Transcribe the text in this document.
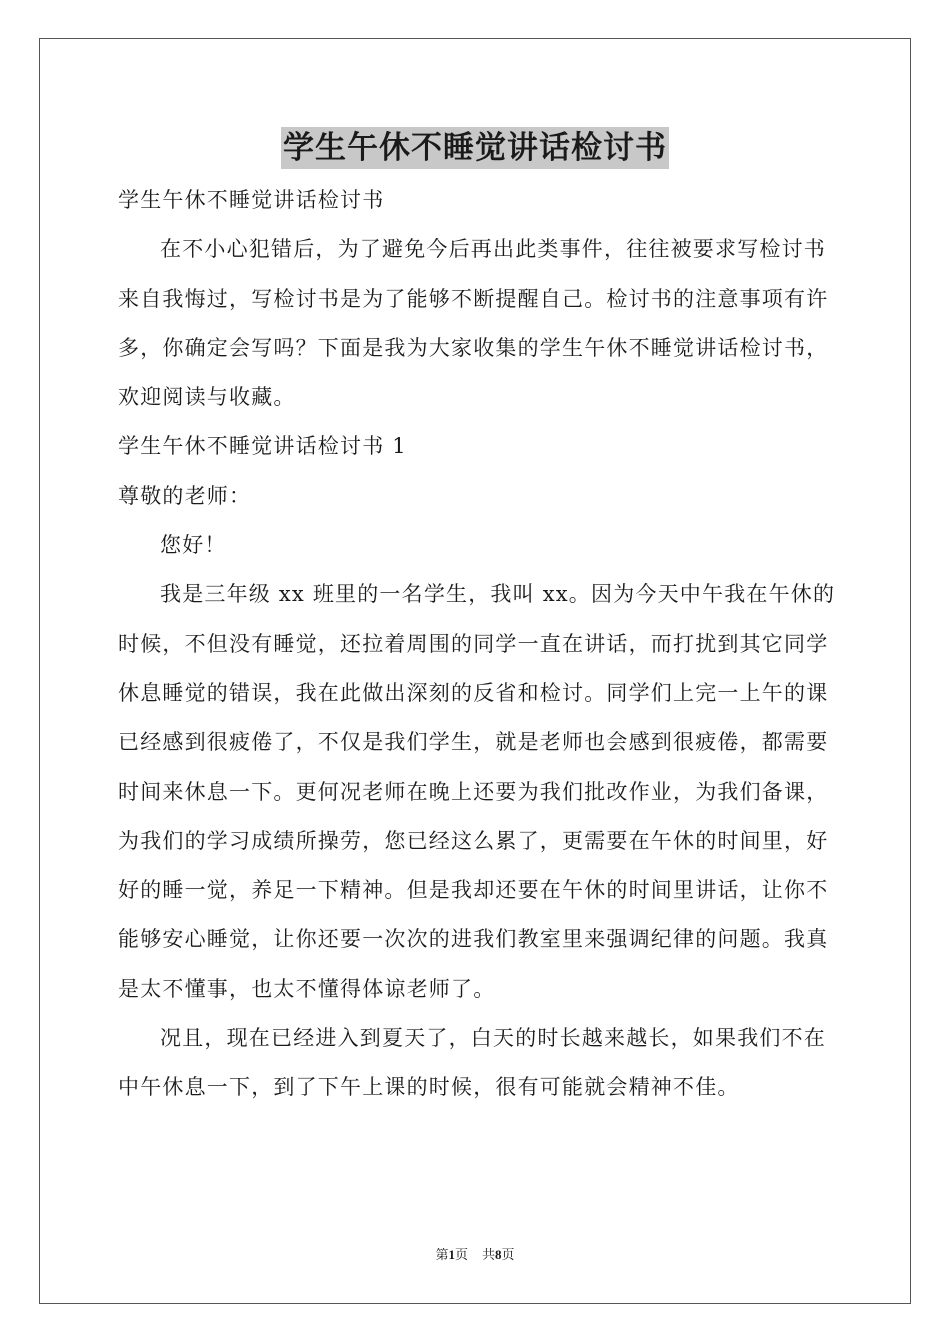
学生午休不睡觉讲话检讨书

学生午休不睡觉讲话检讨书

在不小心犯错后，为了避免今后再出此类事件，往往被要求写检讨书来自我悔过，写检讨书是为了能够不断提醒自己。检讨书的注意事项有许多，你确定会写吗？下面是我为大家收集的学生午休不睡觉讲话检讨书，欢迎阅读与收藏。

学生午休不睡觉讲话检讨书 1

尊敬的老师：

您好！

我是三年级 xx 班里的一名学生，我叫 xx。因为今天中午我在午休的时候，不但没有睡觉，还拉着周围的同学一直在讲话，而打扰到其它同学休息睡觉的错误，我在此做出深刻的反省和检讨。同学们上完一上午的课已经感到很疲倦了，不仅是我们学生，就是老师也会感到很疲倦，都需要时间来休息一下。更何况老师在晚上还要为我们批改作业，为我们备课，为我们的学习成绩所操劳，您已经这么累了，更需要在午休的时间里，好好的睡一觉，养足一下精神。但是我却还要在午休的时间里讲话，让你不能够安心睡觉，让你还要一次次的进我们教室里来强调纪律的问题。我真是太不懂事，也太不懂得体谅老师了。

况且，现在已经进入到夏天了，白天的时长越来越长，如果我们不在中午休息一下，到了下午上课的时候，很有可能就会精神不佳。

第1页 共8页
